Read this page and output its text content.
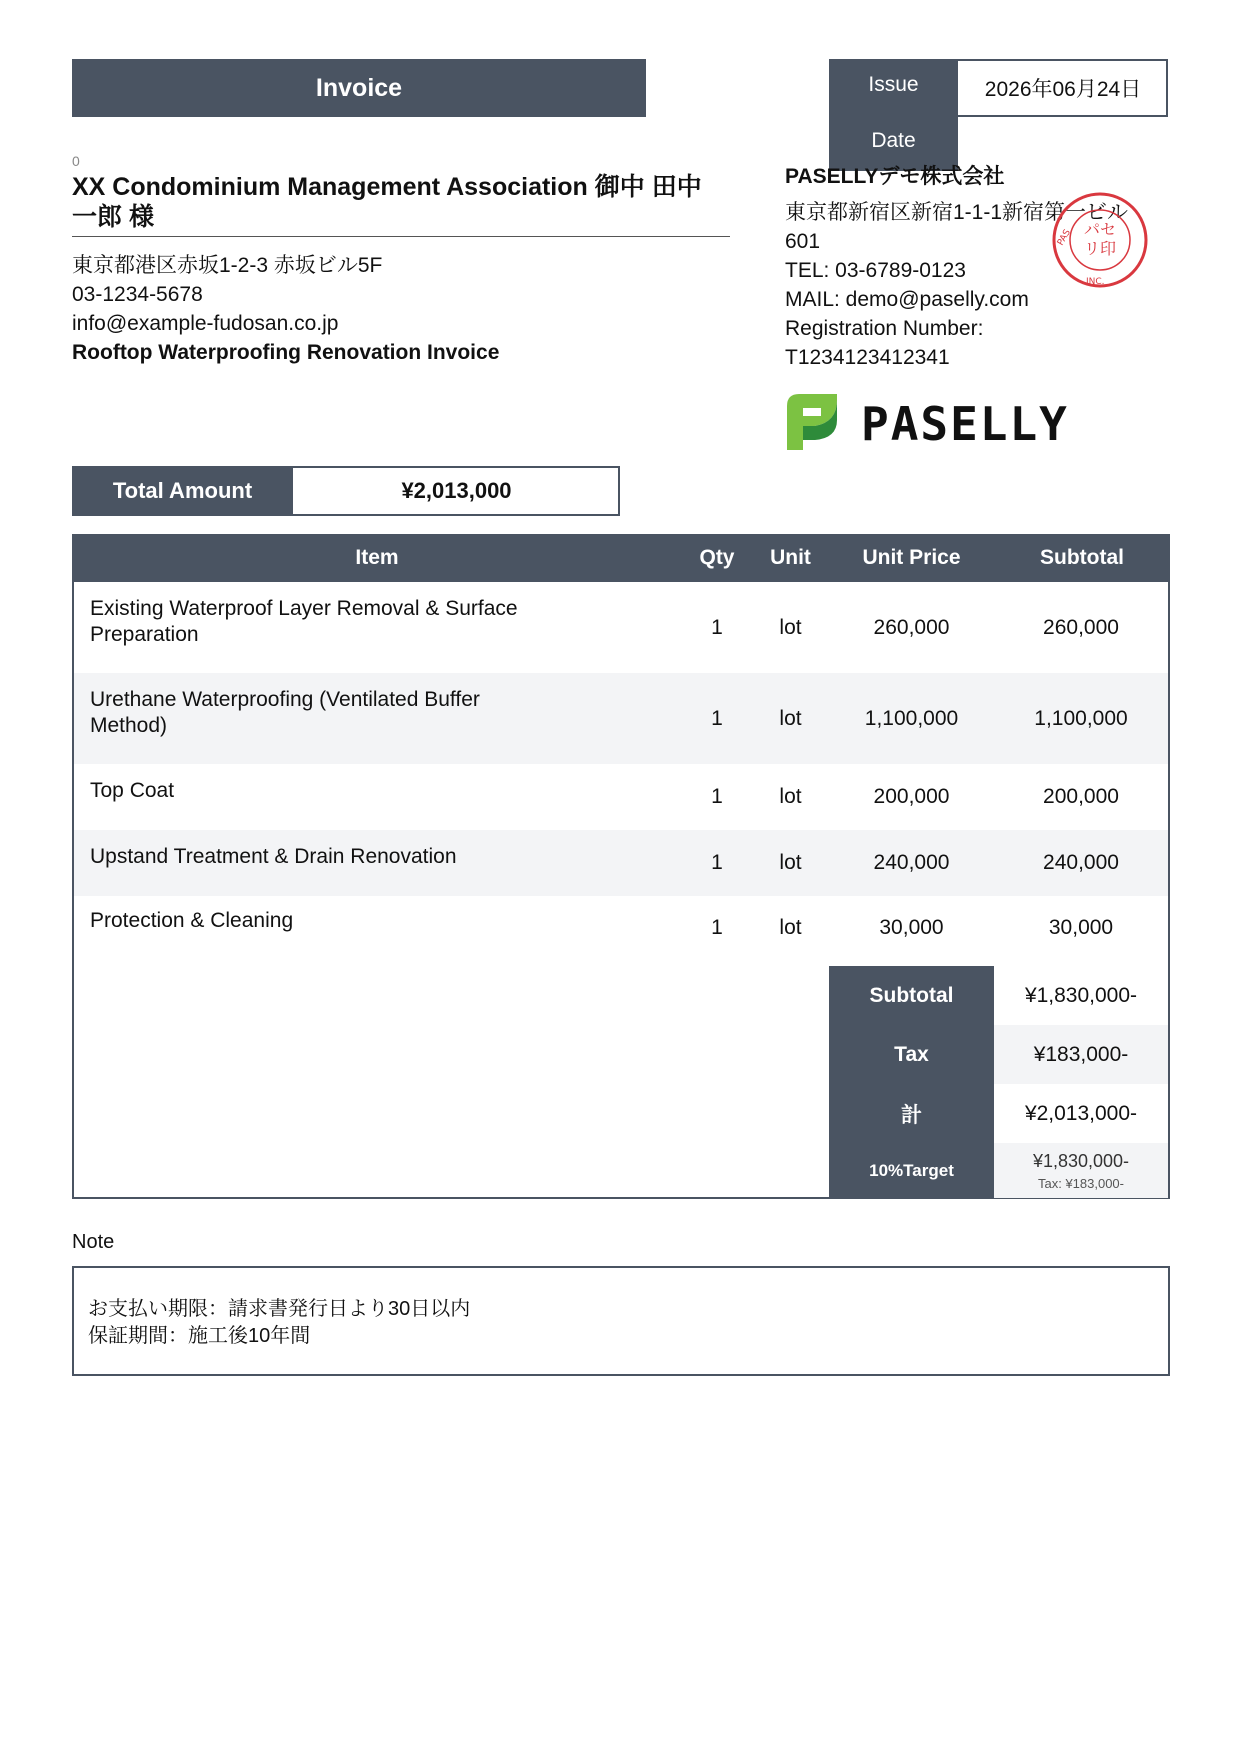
Invoice	Issue
Date
2026年06月24日
0
XX Condominium Management Association 御中 田中 一郎 様
東京都港区赤坂1-2-3 赤坂ビル5F
03-1234-5678
info@example-fudosan.co.jp
Rooftop Waterproofing Renovation Invoice
PASELLYデモ株式会社
東京都新宿区新宿1-1-1新宿第一ビル
601
TEL: 03-6789-0123
MAIL: demo@paselly.com
Registration Number:
T1234123412341
パセ
リ印
PAS
INC.
PASELLY
Total Amount	¥2,013,000
Item	Qty	Unit	Unit Price	Subtotal
Existing Waterproof Layer Removal & Surface
Preparation	1	lot	260,000	260,000
Urethane Waterproofing (Ventilated Buffer
Method)	1	lot	1,100,000	1,100,000
Top Coat	1	lot	200,000	200,000
Upstand Treatment & Drain Renovation	1	lot	240,000	240,000
Protection & Cleaning	1	lot	30,000	30,000
Subtotal	¥1,830,000-
Tax	¥183,000-
計	¥2,013,000-
10%Target	¥1,830,000-
Tax: ¥183,000-
Note
お支払い期限：請求書発行日より30日以内
保証期間：施工後10年間
